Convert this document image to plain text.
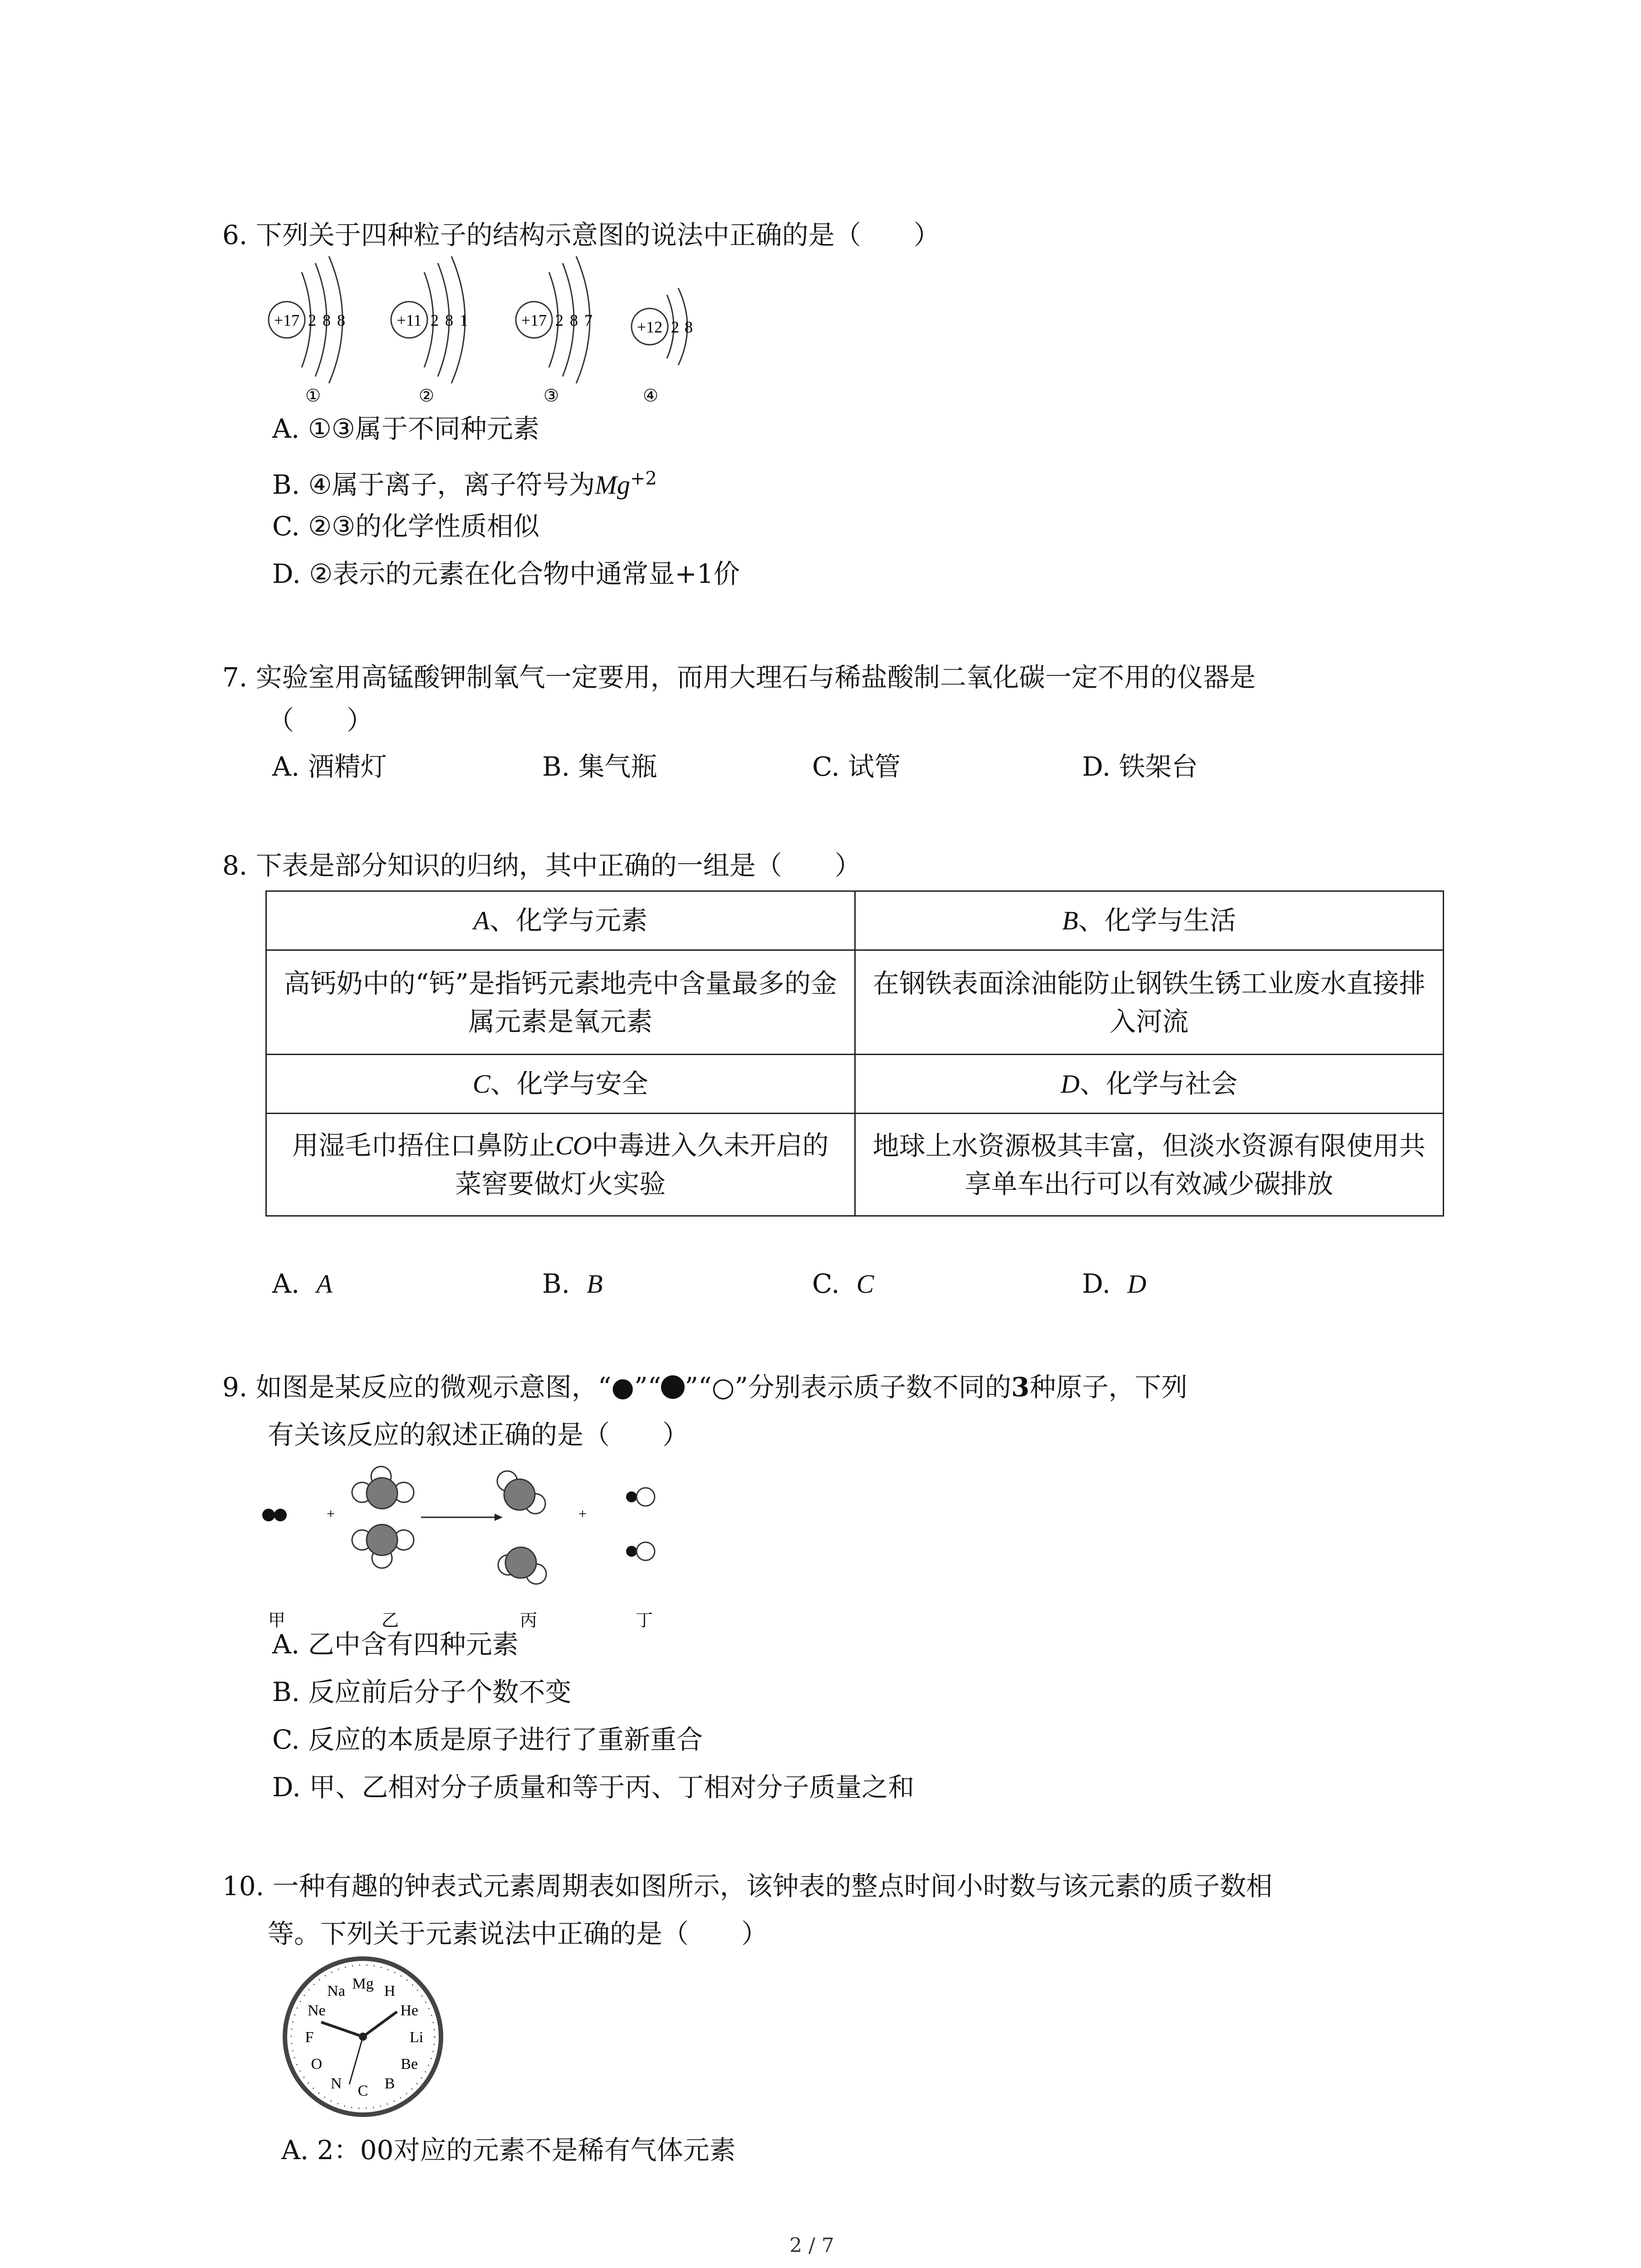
6. 下列关于四种粒子的结构示意图的说法中正确的是（　　）
+17 2 8 8
①
+11 2 8 1
②
+17 2 8 7
③
+12 2 8
④
A. ①③属于不同种元素
B. ④属于离子，离子符号为$Mg^{+2}$
C. ②③的化学性质相似
D. ②表示的元素在化合物中通常显+1价
7. 实验室用高锰酸钾制氧气一定要用，而用大理石与稀盐酸制二氧化碳一定不用的仪器是
（　　）
A. 酒精灯	B. 集气瓶	C. 试管	D. 铁架台
8. 下表是部分知识的归纳，其中正确的一组是（　　）
A、化学与元素	B、化学与生活
高钙奶中的“钙”是指钙元素地壳中含量最多的金属元素是氧元素	在钢铁表面涂油能防止钢铁生锈工业废水直接排入河流
C、化学与安全	D、化学与社会
用湿毛巾捂住口鼻防止CO中毒进入久未开启的菜窖要做灯火实验	地球上水资源极其丰富，但淡水资源有限使用共享单车出行可以有效减少碳排放
A. A	B. B	C. C	D. D
9. 如图是某反应的微观示意图，“●”“ ”“○”分别表示质子数不同的3种原子，下列
有关该反应的叙述正确的是（　　）
+	+
甲	乙	丙	丁
A. 乙中含有四种元素
B. 反应前后分子个数不变
C. 反应的本质是原子进行了重新重合
D. 甲、乙相对分子质量和等于丙、丁相对分子质量之和
10. 一种有趣的钟表式元素周期表如图所示，该钟表的整点时间小时数与该元素的质子数相
等。下列关于元素说法中正确的是（　　）
H
He
Li
Be
B
C
N
O
F
Ne
Na Mg
A. 2：00对应的元素不是稀有气体元素
2 / 7
